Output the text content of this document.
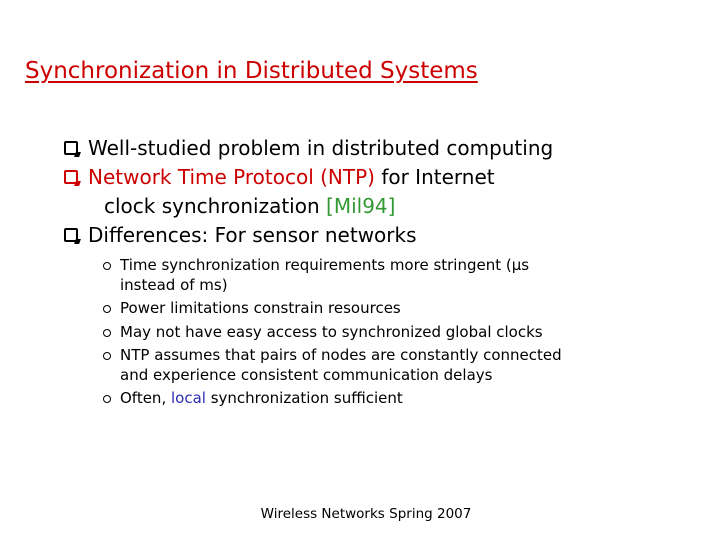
Synchronization in Distributed Systems
Well-studied problem in distributed computing
Network Time Protocol (NTP) for Internet
clock synchronization [Mil94]
Differences: For sensor networks
Time synchronization requirements more stringent (μs
instead of ms)
Power limitations constrain resources
May not have easy access to synchronized global clocks
NTP assumes that pairs of nodes are constantly connected
and experience consistent communication delays
Often, local synchronization sufficient
Wireless Networks Spring 2007
